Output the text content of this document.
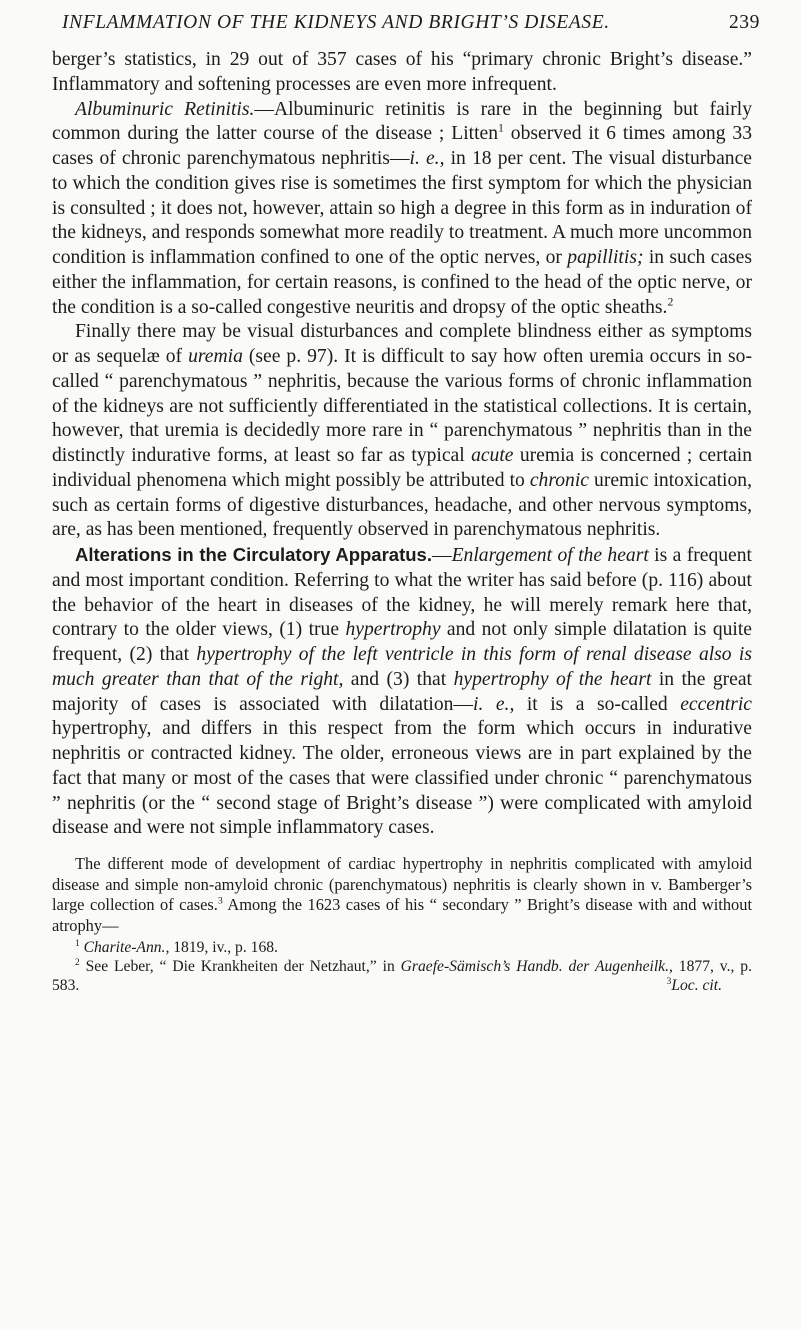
INFLAMMATION OF THE KIDNEYS AND BRIGHT’S DISEASE.	239

berger’s statistics, in 29 out of 357 cases of his “primary chronic Bright’s disease.” Inflammatory and softening processes are even more infrequent.

Albuminuric Retinitis.—Albuminuric retinitis is rare in the beginning but fairly common during the latter course of the disease ; Litten$^1$ observed it 6 times among 33 cases of chronic parenchymatous nephritis—i. e., in 18 per cent. The visual disturbance to which the condition gives rise is sometimes the first symptom for which the physician is consulted ; it does not, however, attain so high a degree in this form as in induration of the kidneys, and responds somewhat more readily to treatment. A much more uncommon condition is inflammation confined to one of the optic nerves, or papillitis; in such cases either the inflammation, for certain reasons, is confined to the head of the optic nerve, or the condition is a so-called congestive neuritis and dropsy of the optic sheaths.$^2$

Finally there may be visual disturbances and complete blindness either as symptoms or as sequelæ of uremia (see p. 97). It is difficult to say how often uremia occurs in so-called “ parenchymatous ” nephritis, because the various forms of chronic inflammation of the kidneys are not sufficiently differentiated in the statistical collections. It is certain, however, that uremia is decidedly more rare in “ parenchymatous ” nephritis than in the distinctly indurative forms, at least so far as typical acute uremia is concerned ; certain individual phenomena which might possibly be attributed to chronic uremic intoxication, such as certain forms of digestive disturbances, headache, and other nervous symptoms, are, as has been mentioned, frequently observed in parenchymatous nephritis.

Alterations in the Circulatory Apparatus.—Enlargement of the heart is a frequent and most important condition. Referring to what the writer has said before (p. 116) about the behavior of the heart in diseases of the kidney, he will merely remark here that, contrary to the older views, (1) true hypertrophy and not only simple dilatation is quite frequent, (2) that hypertrophy of the left ventricle in this form of renal disease also is much greater than that of the right, and (3) that hypertrophy of the heart in the great majority of cases is associated with dilatation—i. e., it is a so-called eccentric hypertrophy, and differs in this respect from the form which occurs in indurative nephritis or contracted kidney. The older, erroneous views are in part explained by the fact that many or most of the cases that were classified under chronic “ parenchymatous ” nephritis (or the “ second stage of Bright’s disease ”) were complicated with amyloid disease and were not simple inflammatory cases.

The different mode of development of cardiac hypertrophy in nephritis complicated with amyloid disease and simple non-amyloid chronic (parenchymatous) nephritis is clearly shown in v. Bamberger’s large collection of cases.$^3$ Among the 1623 cases of his “ secondary ” Bright’s disease with and without atrophy—

$^1$ Charite-Ann., 1819, iv., p. 168.

$^2$ See Leber, “ Die Krankheiten der Netzhaut,” in Graefe-Sämisch’s Handb. der Augenheilk., 1877, v., p. 583.	$^3$Loc. cit.
